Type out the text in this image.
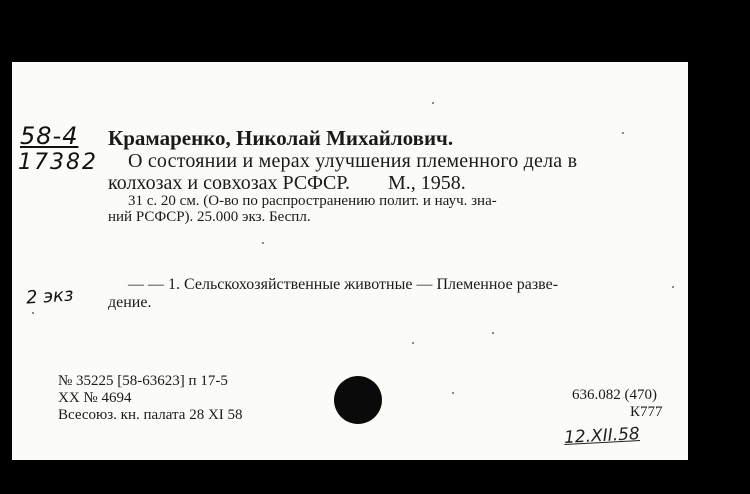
58-4
17382
2 экз
Крамаренко, Николай Михайлович.
О состоянии и мерах улучшения племенного дела в
колхозах и совхозах РСФСР. М., 1958.
31 с. 20 см. (О-во по распространению полит. и науч. зна-
ний РСФСР). 25.000 экз. Беспл.
— — 1. Сельскохозяйственные животные — Племенное разве-
дение.
№ 35225 [58-63623] п 17-5
XX № 4694
Всесоюз. кн. палата 28 XI 58
636.082 (470)
К777
12.XII.58
